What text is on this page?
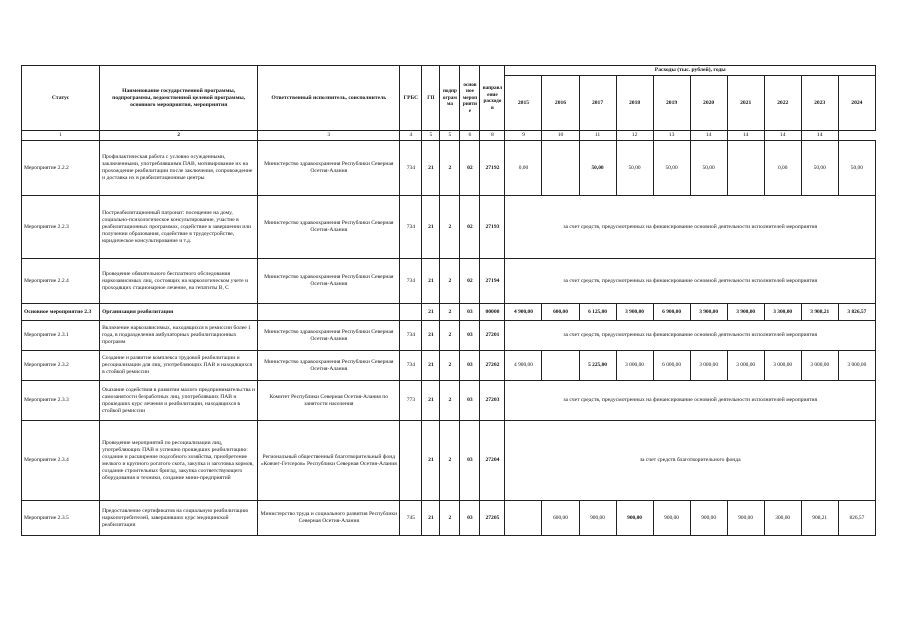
Статус	Наименование государственной программы, подпрограммы, ведомственной целевой программы, основного мероприятия, мероприятия	Ответственный исполнитель, соисполнитель	ГРБС	ГП	подпрограмма	основное мероприятие	направление расходов	Расходы (тыс. рублей), годы									
								2015	2016	2017	2018	2019	2020	2021	2022	2023	2024
1	2	3	4	5	5	6	8	9	10	11	12	13	14	14	14	14	
Мероприятие 2.2.2	Профилактическая работа с условно осужденными, заключенными, употреблявшими ПАВ, мотивирование их на прохождение реабилитации после заключения, сопровождение и доставка их в реабилитационные центры	Министерство здравоохранения Республики Северная Осетия-Алания	734	21	2	02	27192	0,00		50,00	50,00	50,00	50,00		0,00	50,00	50,00
Мероприятие 2.2.3	Постреабилитационный патронат: посещение на дому, социально-психологическое консультирование, участие в реабилитационных программах, содействие в завершении или получении образования, содействие в трудоустройстве, юридическое консультирование и т.д.	Министерство здравоохранения Республики Северная Осетия-Алания	734	21	2	02	27193	за счет средств, предусмотренных на финансирование основной деятельности исполнителей мероприятия									
Мероприятие 2.2.4	Проведение обязательного бесплатного обследования наркозависимых лиц, состоящих на наркологическом учете и проходящих стационарное лечение, на гепатиты В, С	Министерство здравоохранения Республики Северная Осетия-Алания	734	21	2	02	27194	за счет средств, предусмотренных на финансирование основной деятельности исполнителей мероприятия									
Основное мероприятие 2.3	Организация реабилитации			21	2	03	00000	4 900,00	600,00	6 125,00	3 900,00	6 900,00	3 900,00	3 900,00	3 300,00	3 908,21	3 826,57
Мероприятие 2.3.1	Включение наркозависимых, находящихся в ремиссии более 1 года, в подразделения амбулаторных реабилитационных программ	Министерство здравоохранения Республики Северная Осетия-Алания	734	21	2	03	27201	за счет средств, предусмотренных на финансирование основной деятельности исполнителей мероприятия									
Мероприятие 2.3.2	Создание и развитие комплекса трудовой реабилитации и ресоциализации для лиц, употребляющих ПАВ и находящихся в стойкой ремиссии	Министерство здравоохранения Республики Северная Осетия-Алания	734	21	2	03	27202	4 900,00		5 225,00	3 000,00	6 000,00	3 000,00	3 000,00	3 000,00	3 000,00	3 000,00
Мероприятие 2.3.3	Оказание содействия в развитии малого предпринимательства и самозанятости безработных лиц, употреблявших ПАВ и прошедших курс лечения и реабилитации, находящихся в стойкой ремиссии	Комитет Республики Северная Осетия-Алания по занятости населения	773	21	2	03	27203	за счет средств, предусмотренных на финансирование основной деятельности исполнителей мероприятия									
Мероприятие 2.3.4	Проведение мероприятий по ресоциализации лиц, употребляющих ПАВ и успешно прошедших реабилитацию: создание и расширение подсобного хозяйства, приобретение мелкого и крупного рогатого скота, закупка и заготовка кормов, создание строительных бригад, закупка соответствующего оборудования и техники, создание мини-предприятий	Региональный общественный благотворительный фонд «Ковчег-Гетсеров» Республики Северная Осетия-Алания		21	2	03	27204	за счет средств благотворительного фонда									
Мероприятие 2.3.5	Предоставление сертификатов на социальную реабилитацию наркопотребителей, завершивших курс медицинской реабилитации	Министерство труда и социального развития Республики Северная Осетия-Алания	745	21	2	03	27205		600,00	900,00	900,00	900,00	900,00	900,00	300,00	908,21	826,57
